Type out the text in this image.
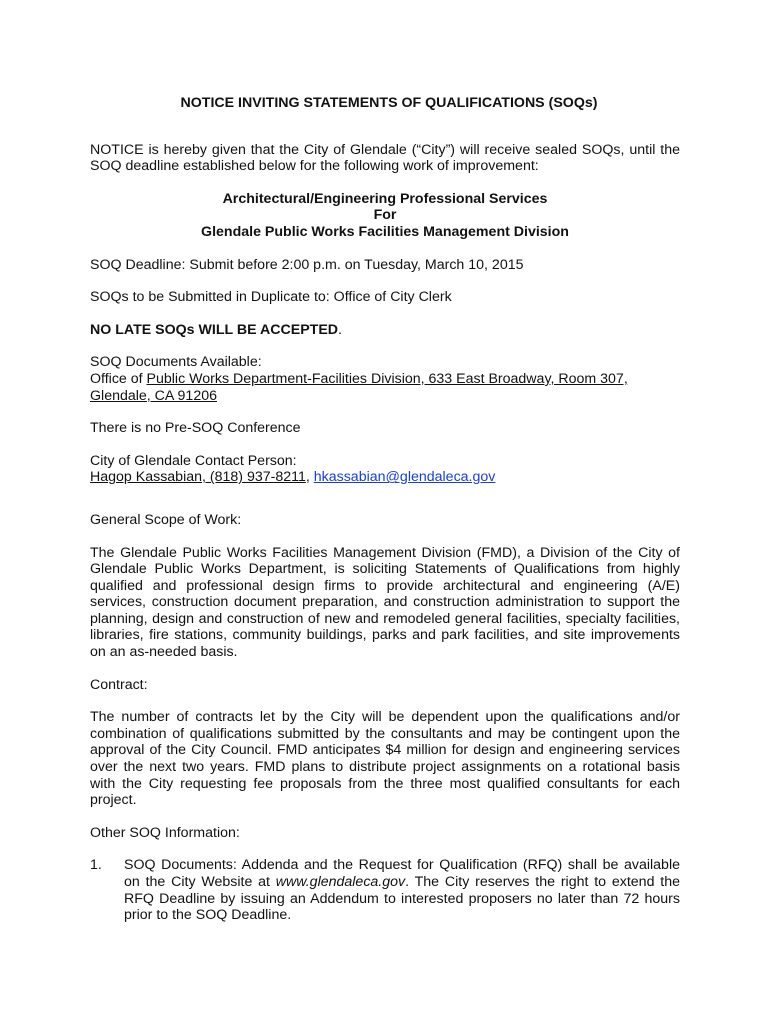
NOTICE INVITING STATEMENTS OF QUALIFICATIONS (SOQs)

NOTICE is hereby given that the City of Glendale (“City”) will receive sealed SOQs, until the SOQ deadline established below for the following work of improvement:

Architectural/Engineering Professional Services

For

Glendale Public Works Facilities Management Division

SOQ Deadline: Submit before 2:00 p.m. on Tuesday, March 10, 2015

SOQs to be Submitted in Duplicate to: Office of City Clerk

NO LATE SOQs WILL BE ACCEPTED.

SOQ Documents Available:

Office of Public Works Department-Facilities Division, 633 East Broadway, Room 307,

Glendale, CA 91206

There is no Pre-SOQ Conference

City of Glendale Contact Person:

Hagop Kassabian, (818) 937-8211, hkassabian@glendaleca.gov

General Scope of Work:

The Glendale Public Works Facilities Management Division (FMD), a Division of the City of Glendale Public Works Department, is soliciting Statements of Qualifications from highly qualified and professional design firms to provide architectural and engineering (A/E) services, construction document preparation, and construction administration to support the planning, design and construction of new and remodeled general facilities, specialty facilities, libraries, fire stations, community buildings, parks and park facilities, and site improvements on an as-needed basis.

Contract:

The number of contracts let by the City will be dependent upon the qualifications and/or combination of qualifications submitted by the consultants and may be contingent upon the approval of the City Council. FMD anticipates $4 million for design and engineering services over the next two years. FMD plans to distribute project assignments on a rotational basis with the City requesting fee proposals from the three most qualified consultants for each project.

Other SOQ Information:

1.	SOQ Documents: Addenda and the Request for Qualification (RFQ) shall be available on the City Website at www.glendaleca.gov. The City reserves the right to extend the RFQ Deadline by issuing an Addendum to interested proposers no later than 72 hours prior to the SOQ Deadline.
